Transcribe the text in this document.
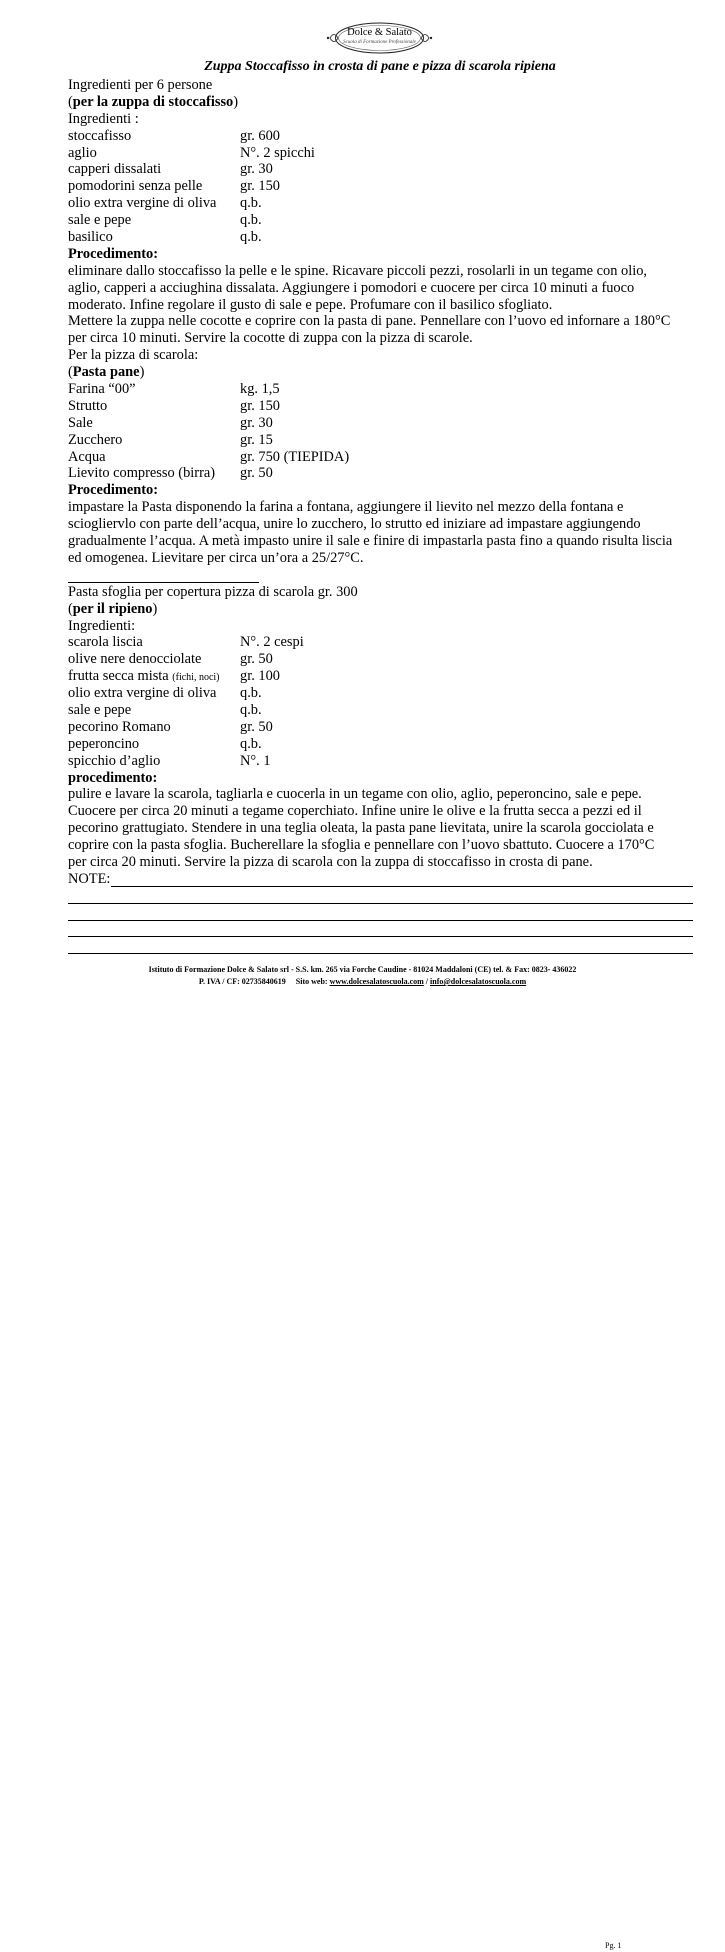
Dolce & Salato
Scuola di Formazione Professionale
Zuppa Stoccafisso in crosta di pane e pizza di scarola ripiena
Ingredienti per 6 persone
(per la zuppa di stoccafisso)
Ingredienti :
stoccafisso	gr. 600
aglio	N°. 2 spicchi
capperi dissalati	gr. 30
pomodorini senza pelle	gr. 150
olio extra vergine di oliva q.b.
sale e pepe	q.b.
basilico	q.b.
Procedimento:
eliminare dallo stoccafisso la pelle e le spine. Ricavare piccoli pezzi, rosolarli in un tegame con olio,
aglio, capperi a acciughina dissalata. Aggiungere i pomodori e cuocere per circa 10 minuti a fuoco
moderato. Infine regolare il gusto di sale e pepe. Profumare con il basilico sfogliato.
Mettere la zuppa nelle cocotte e coprire con la pasta di pane. Pennellare con l’uovo ed infornare a 180°C
per circa 10 minuti. Servire la cocotte di zuppa con la pizza di scarole.
Per la pizza di scarola:
(Pasta pane)
Farina “00”	kg. 1,5
Strutto	gr. 150
Sale	gr. 30
Zucchero	gr. 15
Acqua	gr. 750 (TIEPIDA)
Lievito compresso (birra) gr. 50
Procedimento:
impastare la Pasta disponendo la farina a fontana, aggiungere il lievito nel mezzo della fontana e
sciogliervlo con parte dell’acqua, unire lo zucchero, lo strutto ed iniziare ad impastare aggiungendo
gradualmente l’acqua. A metà impasto unire il sale e finire di impastarla pasta fino a quando risulta liscia
ed omogenea. Lievitare per circa un’ora a 25/27°C.
Pasta sfoglia per copertura pizza di scarola gr. 300
(per il ripieno)
Ingredienti:
scarola liscia	N°. 2 cespi
olive nere denocciolate	gr. 50
frutta secca mista (fichi, noci) gr. 100
olio extra vergine di oliva q.b.
sale e pepe	q.b.
pecorino Romano	gr. 50
peperoncino	q.b.
spicchio d’aglio	N°. 1
procedimento:
pulire e lavare la scarola, tagliarla e cuocerla in un tegame con olio, aglio, peperoncino, sale e pepe.
Cuocere per circa 20 minuti a tegame coperchiato. Infine unire le olive e la frutta secca a pezzi ed il
pecorino grattugiato. Stendere in una teglia oleata, la pasta pane lievitata, unire la scarola gocciolata e
coprire con la pasta sfoglia. Bucherellare la sfoglia e pennellare con l’uovo sbattuto. Cuocere a 170°C
per circa 20 minuti. Servire la pizza di scarola con la zuppa di stoccafisso in crosta di pane.
NOTE:
Istituto di Formazione Dolce & Salato srl - S.S. km. 265 via Forche Caudine - 81024 Maddaloni (CE) tel. & Fax: 0823- 436022
P. IVA / CF: 02735840619     Sito web: www.dolcesalatoscuola.com / info@dolcesalatoscuola.com
Pg. 1
